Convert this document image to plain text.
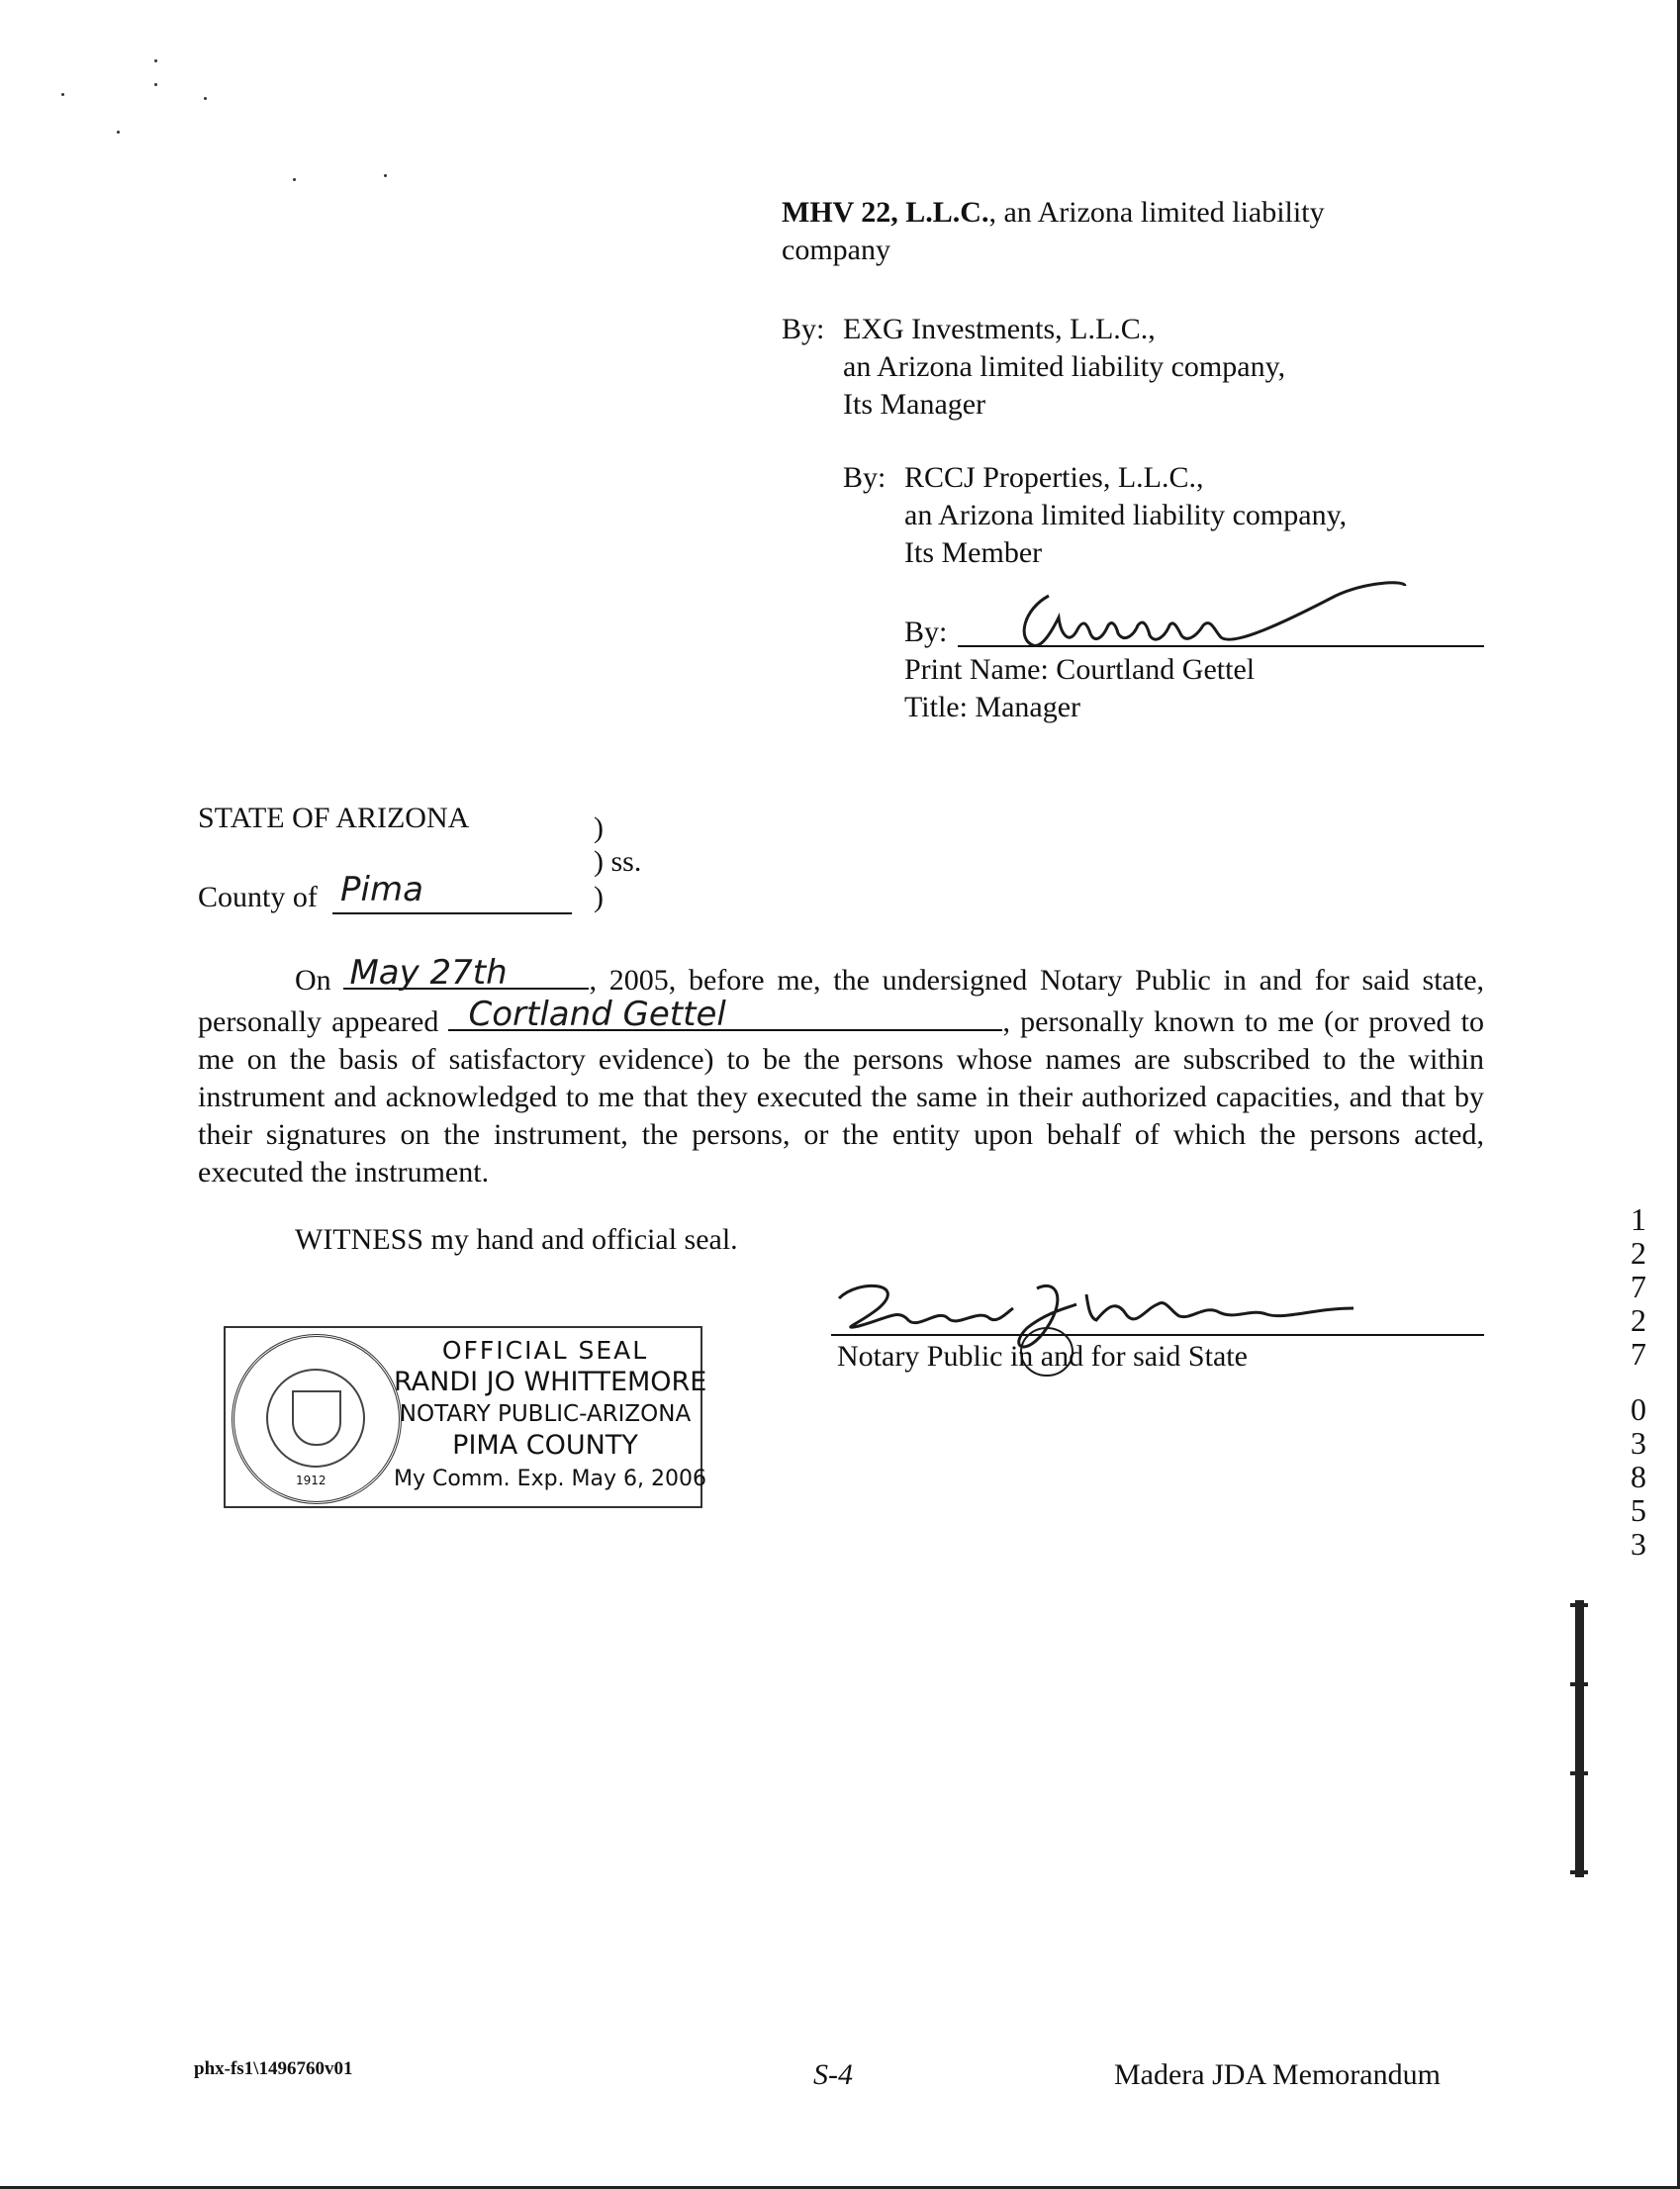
MHV 22, L.L.C., an Arizona limited liability
company
By: EXG Investments, L.L.C.,
an Arizona limited liability company,
Its Manager
By: RCCJ Properties, L.L.C.,
an Arizona limited liability company,
Its Member
By:
Print Name: Courtland Gettel
Title: Manager
STATE OF ARIZONA	)
) ss.
)
County of Pima
On May 27th	, 2005, before me, the undersigned Notary Public in and for said state, personally appeared Cortland Gettel	, personally known to me (or proved to me on the basis of satisfactory evidence) to be the persons whose names are subscribed to the within instrument and acknowledged to me that they executed the same in their authorized capacities, and that by their signatures on the instrument, the persons, or the entity upon behalf of which the persons acted, executed the instrument.
WITNESS my hand and official seal.
Notary Public in and for said State
1912
OFFICIAL SEAL
RANDI JO WHITTEMORE
NOTARY PUBLIC-ARIZONA
PIMA COUNTY
My Comm. Exp. May 6, 2006
1
2
7
2
7
0
3
8
5
3
phx-fs1\1496760v01	S-4	Madera JDA Memorandum
